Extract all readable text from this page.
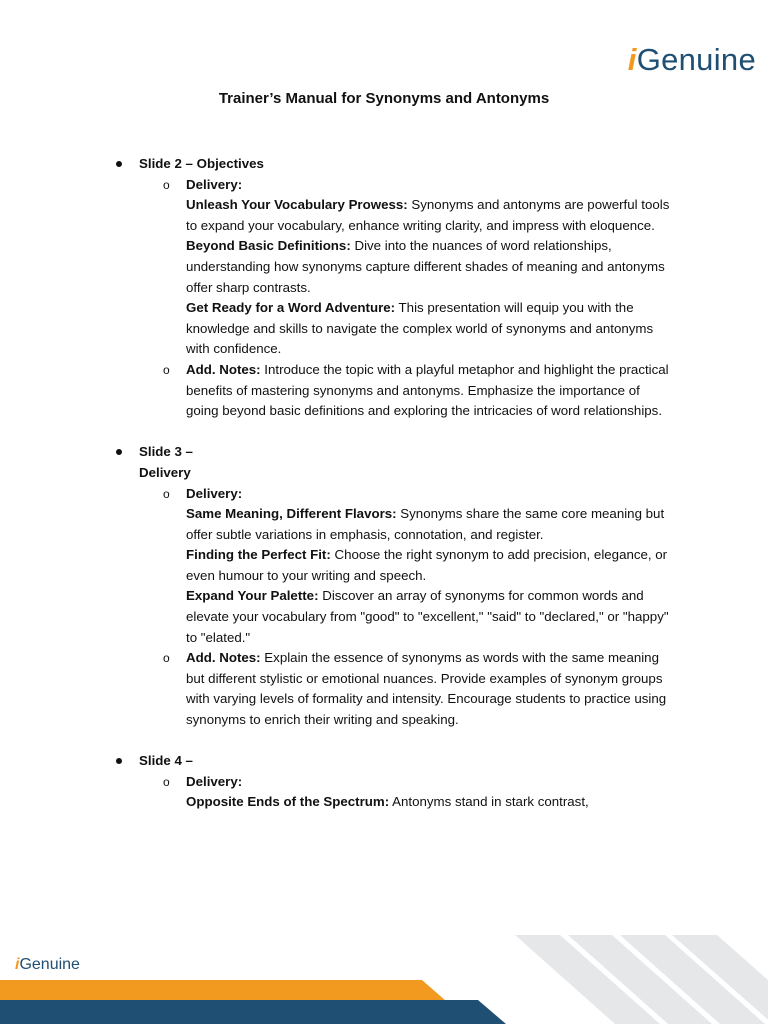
iGenuine
Trainer’s Manual for Synonyms and Antonyms
Slide 2 – Objectives
o Delivery:

Unleash Your Vocabulary Prowess: Synonyms and antonyms are powerful tools to expand your vocabulary, enhance writing clarity, and impress with eloquence.

Beyond Basic Definitions: Dive into the nuances of word relationships, understanding how synonyms capture different shades of meaning and antonyms offer sharp contrasts.

Get Ready for a Word Adventure: This presentation will equip you with the knowledge and skills to navigate the complex world of synonyms and antonyms with confidence.

o Add. Notes: Introduce the topic with a playful metaphor and highlight the practical benefits of mastering synonyms and antonyms. Emphasize the importance of going beyond basic definitions and exploring the intricacies of word relationships.

Slide 3 – Delivery
o Delivery:

Same Meaning, Different Flavors: Synonyms share the same core meaning but offer subtle variations in emphasis, connotation, and register.

Finding the Perfect Fit: Choose the right synonym to add precision, elegance, or even humour to your writing and speech.

Expand Your Palette: Discover an array of synonyms for common words and elevate your vocabulary from "good" to "excellent," "said" to "declared," or "happy" to "elated."

o Add. Notes: Explain the essence of synonyms as words with the same meaning but different stylistic or emotional nuances. Provide examples of synonym groups with varying levels of formality and intensity. Encourage students to practice using synonyms to enrich their writing and speaking.

Slide 4 –
o Delivery:

Opposite Ends of the Spectrum: Antonyms stand in stark contrast,

iGenuine
